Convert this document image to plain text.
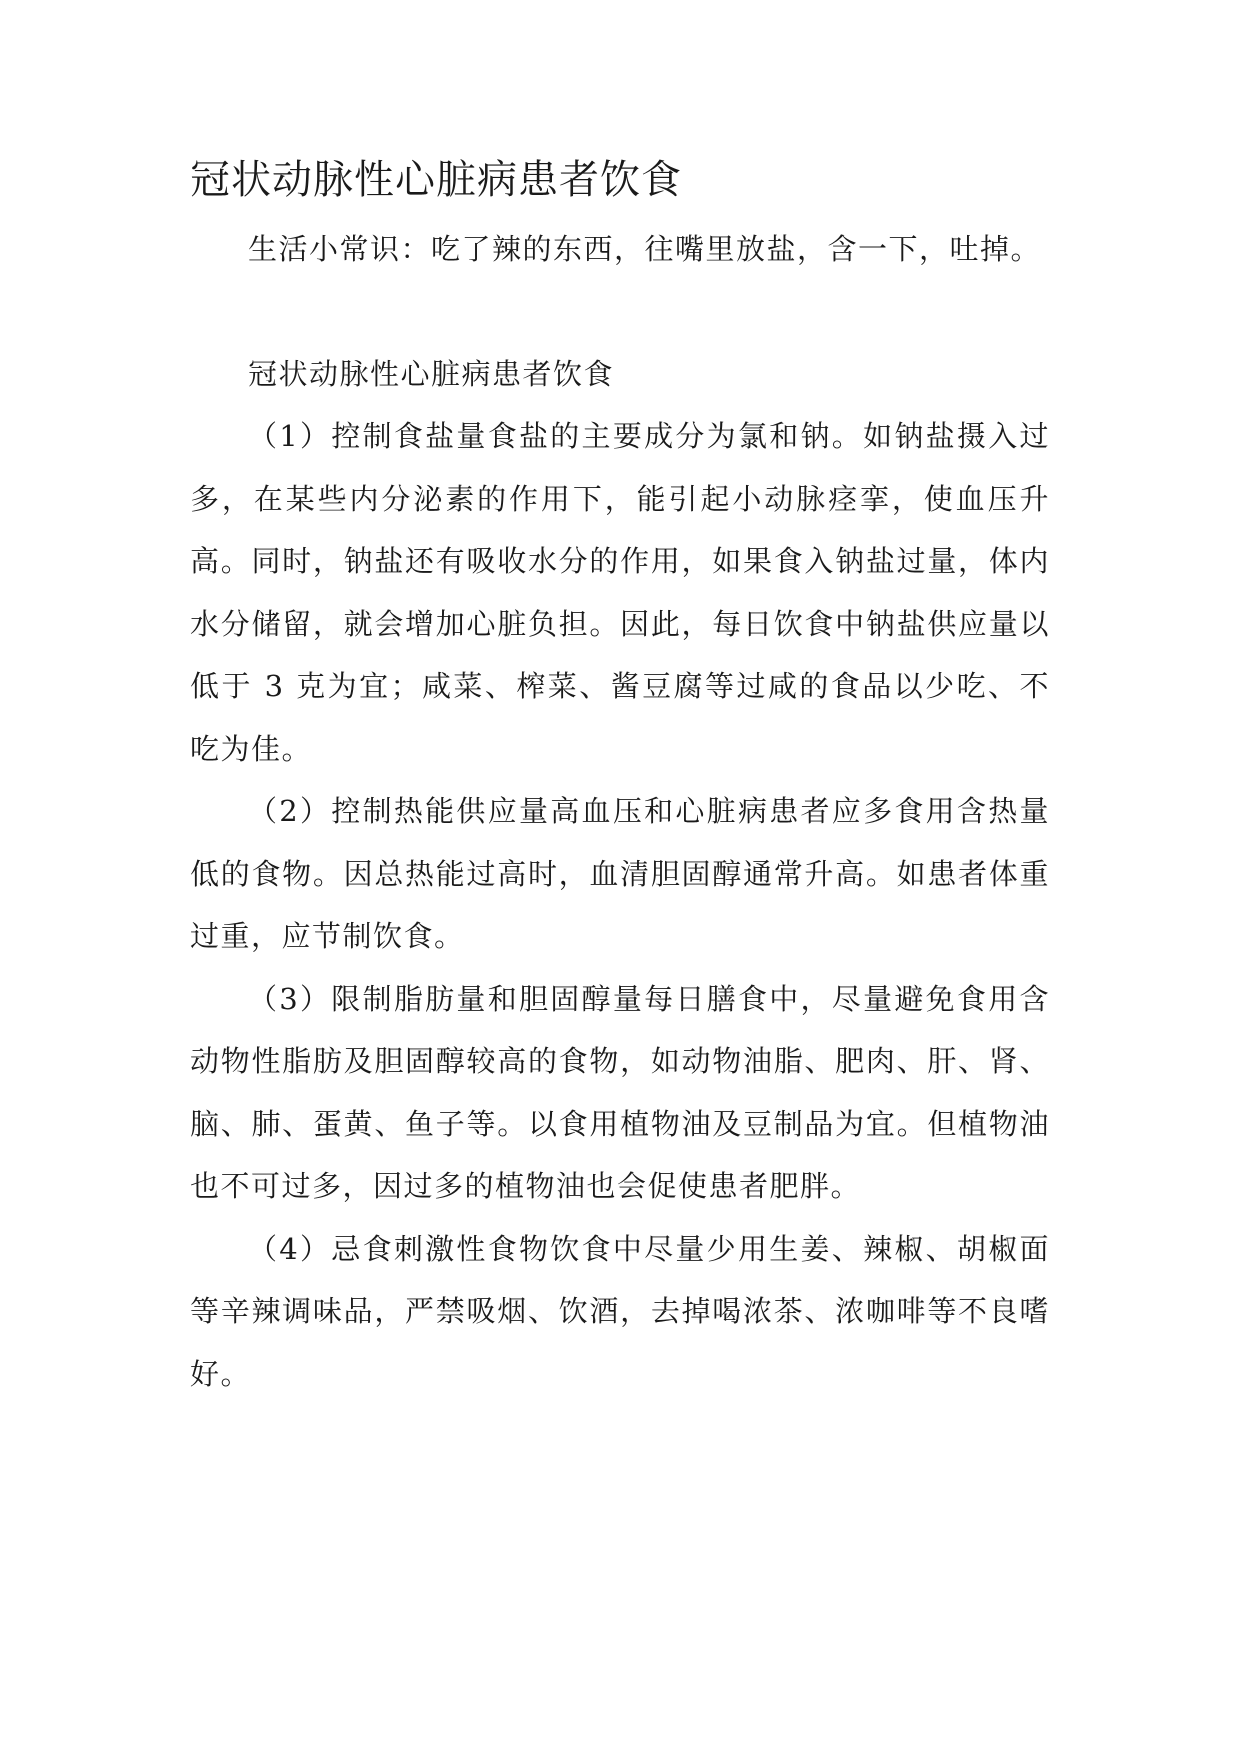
冠状动脉性心脏病患者饮食

生活小常识：吃了辣的东西，往嘴里放盐，含一下，吐掉。

冠状动脉性心脏病患者饮食

（1）控制食盐量食盐的主要成分为氯和钠。如钠盐摄入过多，在某些内分泌素的作用下，能引起小动脉痉挛，使血压升高。同时，钠盐还有吸收水分的作用，如果食入钠盐过量，体内水分储留，就会增加心脏负担。因此，每日饮食中钠盐供应量以低于 3 克为宜；咸菜、榨菜、酱豆腐等过咸的食品以少吃、不吃为佳。

（2）控制热能供应量高血压和心脏病患者应多食用含热量低的食物。因总热能过高时，血清胆固醇通常升高。如患者体重过重，应节制饮食。

（3）限制脂肪量和胆固醇量每日膳食中，尽量避免食用含动物性脂肪及胆固醇较高的食物，如动物油脂、肥肉、肝、肾、脑、肺、蛋黄、鱼子等。以食用植物油及豆制品为宜。但植物油也不可过多，因过多的植物油也会促使患者肥胖。

（4）忌食刺激性食物饮食中尽量少用生姜、辣椒、胡椒面等辛辣调味品，严禁吸烟、饮酒，去掉喝浓茶、浓咖啡等不良嗜好。
